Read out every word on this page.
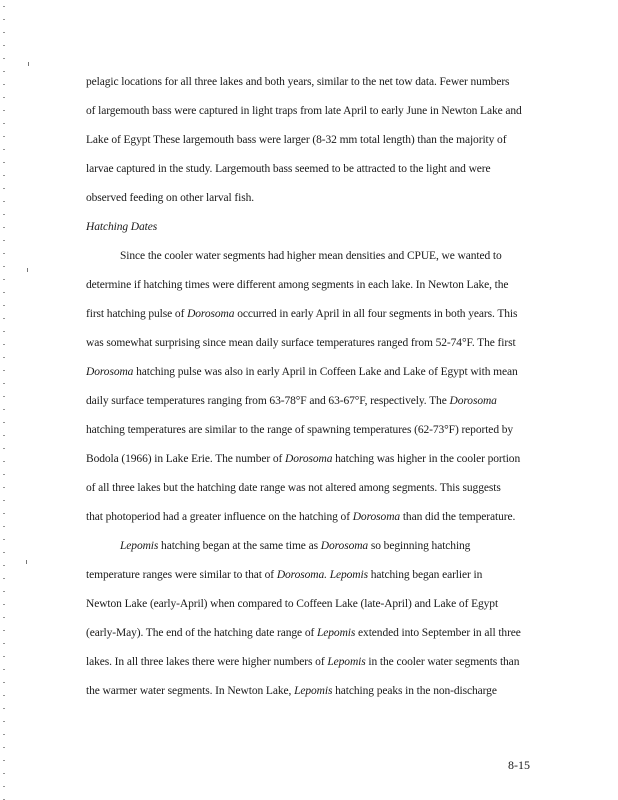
pelagic locations for all three lakes and both years, similar to the net tow data. Fewer numbers
of largemouth bass were captured in light traps from late April to early June in Newton Lake and
Lake of Egypt These largemouth bass were larger (8-32 mm total length) than the majority of
larvae captured in the study. Largemouth bass seemed to be attracted to the light and were
observed feeding on other larval fish.
Hatching Dates
Since the cooler water segments had higher mean densities and CPUE, we wanted to
determine if hatching times were different among segments in each lake. In Newton Lake, the
first hatching pulse of Dorosoma occurred in early April in all four segments in both years. This
was somewhat surprising since mean daily surface temperatures ranged from 52-74°F. The first
Dorosoma hatching pulse was also in early April in Coffeen Lake and Lake of Egypt with mean
daily surface temperatures ranging from 63-78°F and 63-67°F, respectively. The Dorosoma
hatching temperatures are similar to the range of spawning temperatures (62-73°F) reported by
Bodola (1966) in Lake Erie. The number of Dorosoma hatching was higher in the cooler portion
of all three lakes but the hatching date range was not altered among segments. This suggests
that photoperiod had a greater influence on the hatching of Dorosoma than did the temperature.
Lepomis hatching began at the same time as Dorosoma so beginning hatching
temperature ranges were similar to that of Dorosoma. Lepomis hatching began earlier in
Newton Lake (early-April) when compared to Coffeen Lake (late-April) and Lake of Egypt
(early-May). The end of the hatching date range of Lepomis extended into September in all three
lakes. In all three lakes there were higher numbers of Lepomis in the cooler water segments than
the warmer water segments. In Newton Lake, Lepomis hatching peaks in the non-discharge
8-15
